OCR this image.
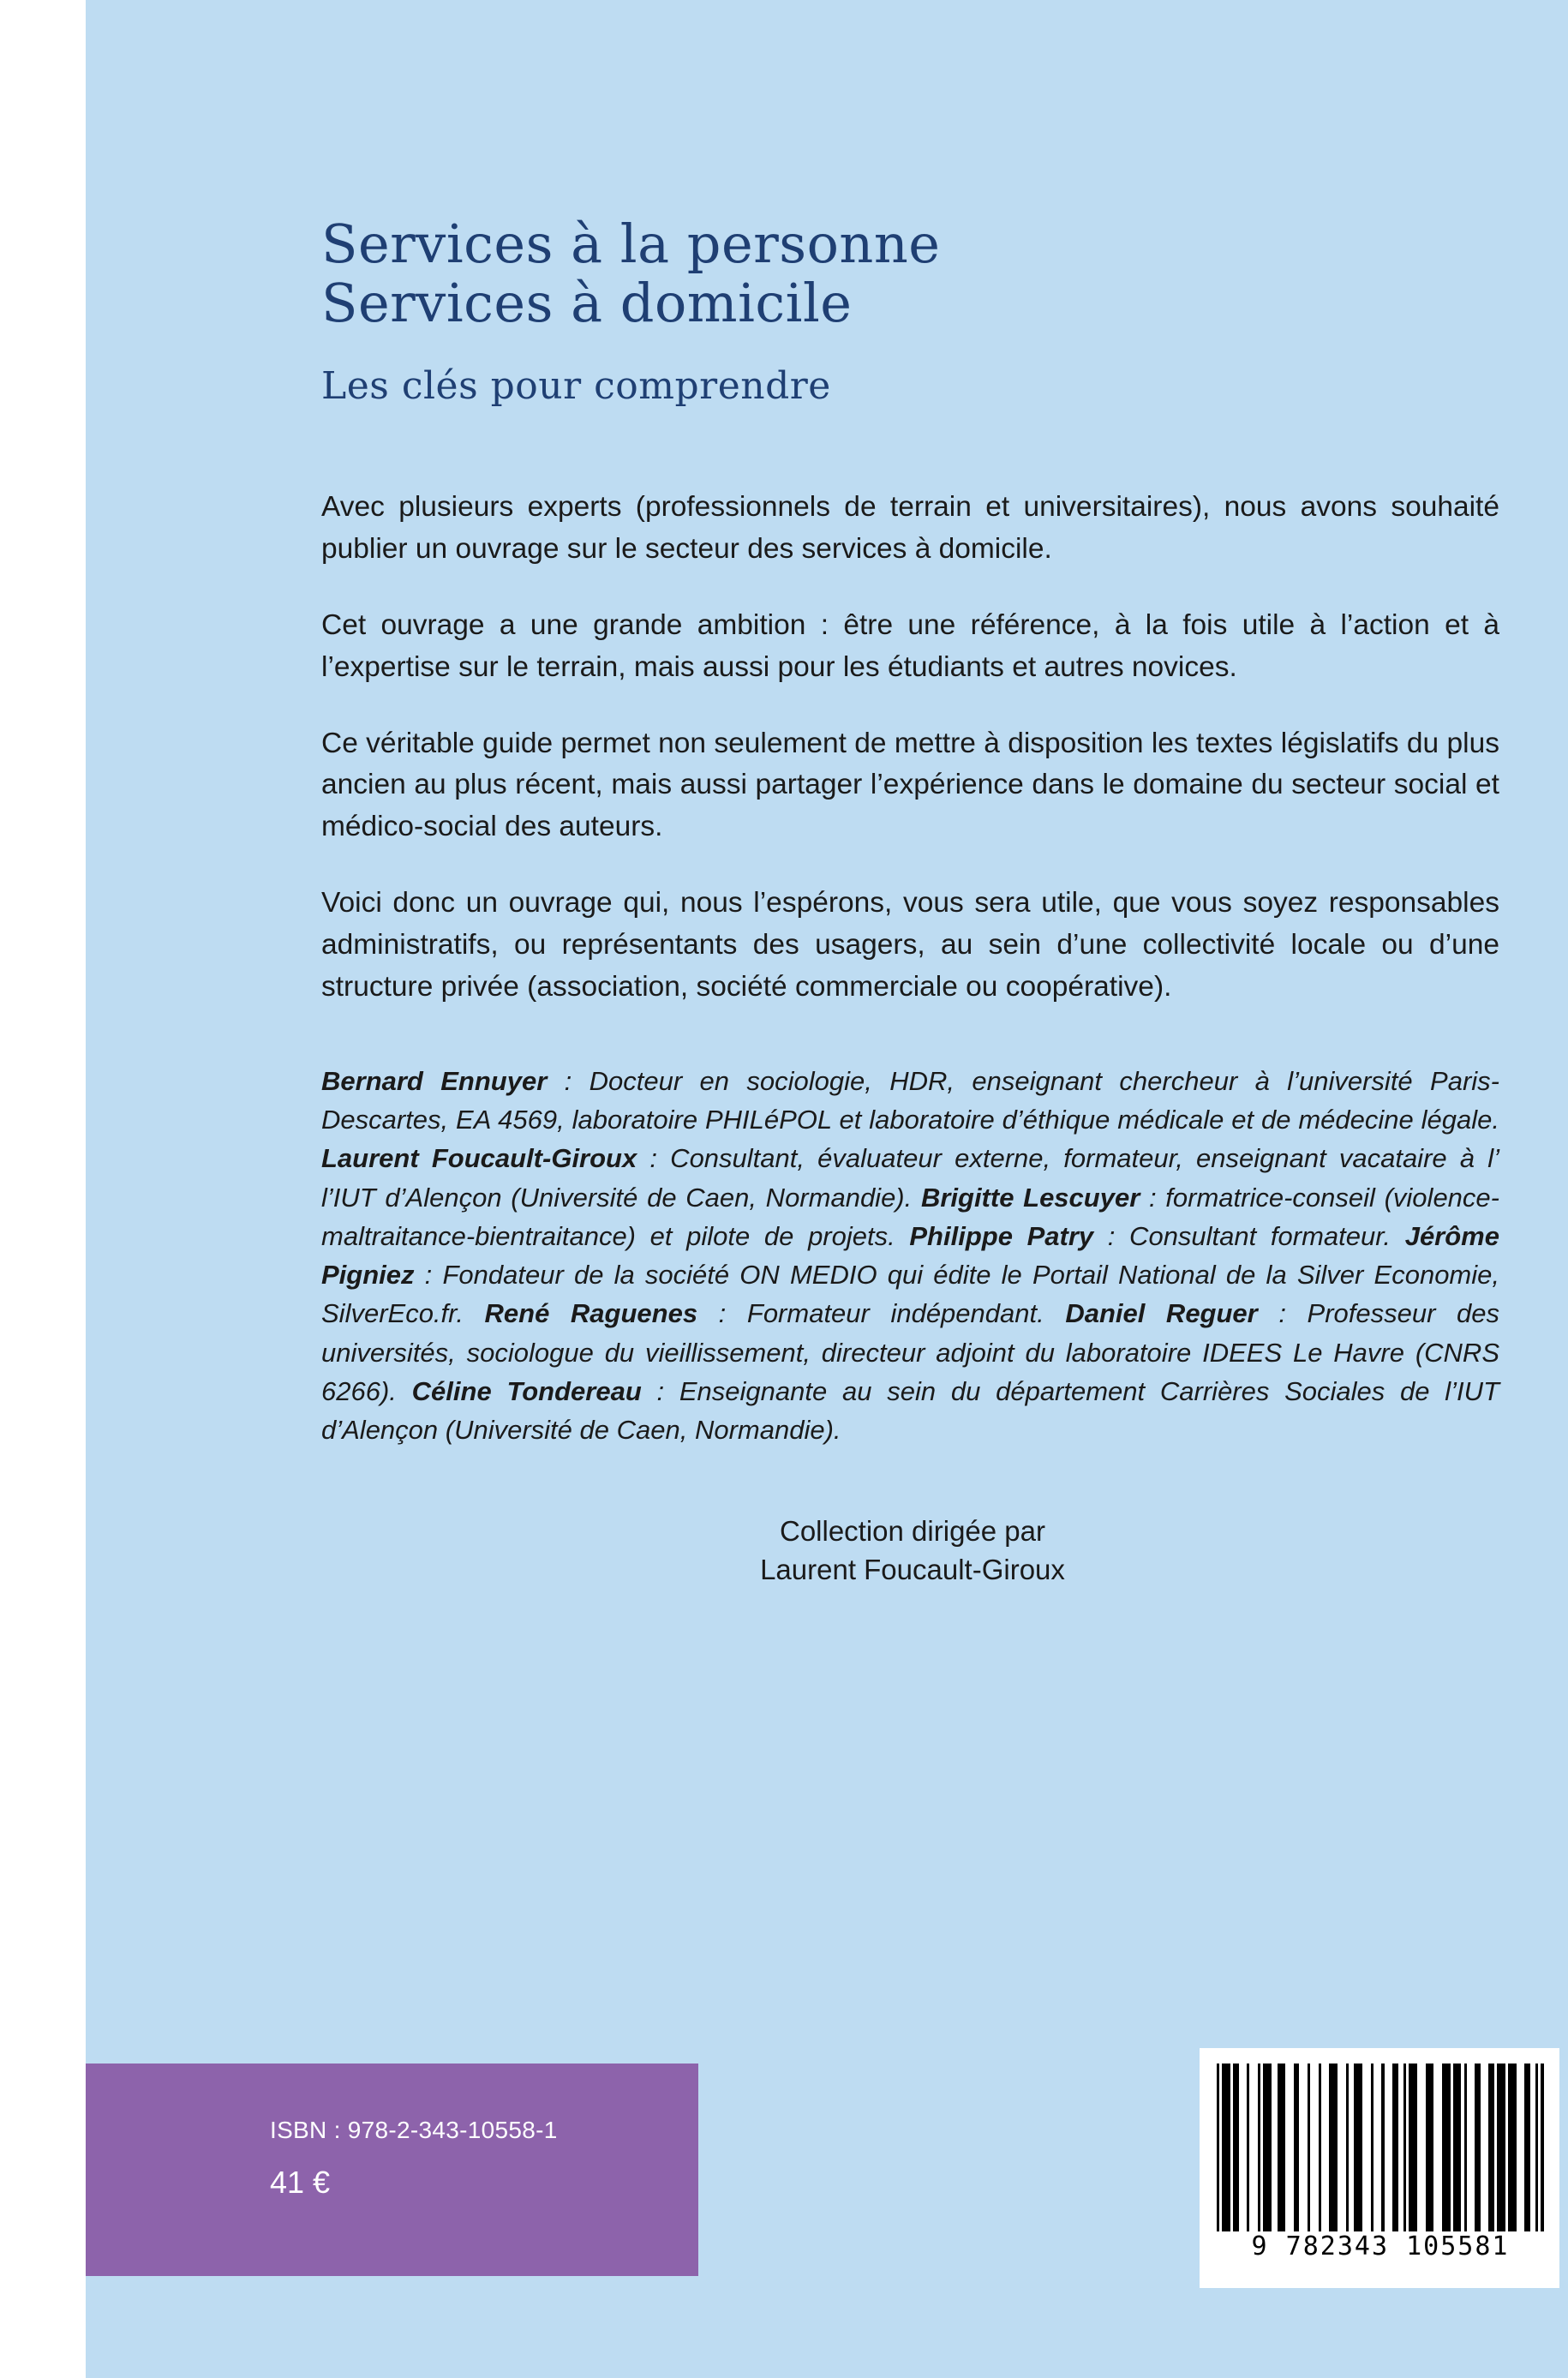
Services à la personne
Services à domicile
Les clés pour comprendre

Avec plusieurs experts (professionnels de terrain et universitaires), nous avons souhaité publier un ouvrage sur le secteur des services à domicile.

Cet ouvrage a une grande ambition : être une référence, à la fois utile à l’action et à l’expertise sur le terrain, mais aussi pour les étudiants et autres novices.

Ce véritable guide permet non seulement de mettre à disposition les textes législatifs du plus ancien au plus récent, mais aussi partager l’expérience dans le domaine du secteur social et médico-social des auteurs.

Voici donc un ouvrage qui, nous l’espérons, vous sera utile, que vous soyez responsables administratifs, ou représentants des usagers, au sein d’une collectivité locale ou d’une structure privée (association, société commerciale ou coopérative).

Bernard Ennuyer : Docteur en sociologie, HDR, enseignant chercheur à l’université Paris-Descartes, EA 4569, laboratoire PHILéPOL et laboratoire d’éthique médicale et de médecine légale. Laurent Foucault-Giroux : Consultant, évaluateur externe, formateur, enseignant vacataire à l’ l’IUT d’Alençon (Université de Caen, Normandie). Brigitte Lescuyer : formatrice-conseil (violence-maltraitance-bientraitance) et pilote de projets. Philippe Patry : Consultant formateur. Jérôme Pigniez : Fondateur de la société ON MEDIO qui édite le Portail National de la Silver Economie, SilverEco.fr. René Raguenes : Formateur indépendant. Daniel Reguer : Professeur des universités, sociologue du vieillissement, directeur adjoint du laboratoire IDEES Le Havre (CNRS 6266). Céline Tondereau : Enseignante au sein du département Carrières Sociales de l’IUT d’Alençon (Université de Caen, Normandie).
Collection dirigée par
Laurent Foucault-Giroux
ISBN : 978-2-343-10558-1
41 €
9 782343 105581
